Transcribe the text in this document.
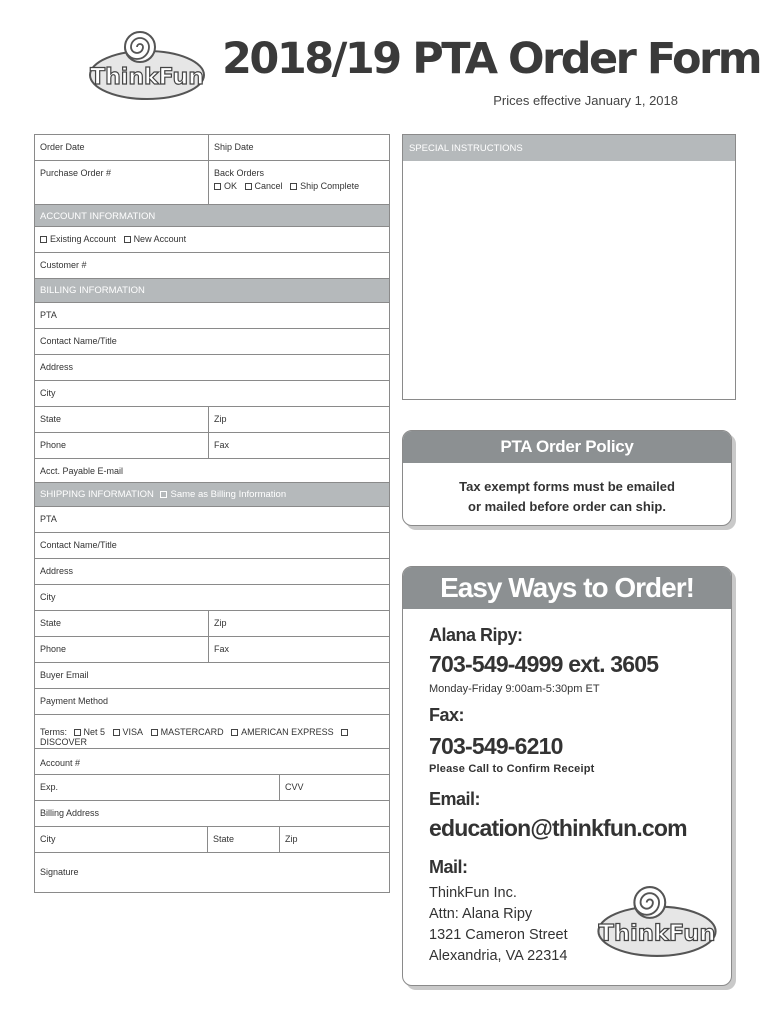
ThinkFun 2018/19 PTA Order Form
Prices effective January 1, 2018
Order Date	Ship Date
Purchase Order #	Back Orders
OK Cancel Ship Complete
ACCOUNT INFORMATION
Existing Account New Account
Customer #
BILLING INFORMATION
PTA
Contact Name/Title
Address
City
State	Zip
Phone	Fax
Acct. Payable E-mail
SHIPPING INFORMATION Same as Billing Information
PTA
Contact Name/Title
Address
City
State	Zip
Phone	Fax
Buyer Email
Payment Method
Terms: Net 5 VISA MASTERCARD AMERICAN EXPRESS DISCOVER
Account #
Exp.	CVV
Billing Address
City	State	Zip
Signature
SPECIAL INSTRUCTIONS
PTA Order Policy
Tax exempt forms must be emailed
or mailed before order can ship.
Easy Ways to Order!
Alana Ripy:
703-549-4999 ext. 3605
Monday-Friday 9:00am-5:30pm ET
Fax:
703-549-6210
Please Call to Confirm Receipt
Email:
education@thinkfun.com
Mail:
ThinkFun Inc.
Attn: Alana Ripy
1321 Cameron Street
Alexandria, VA 22314
ThinkFun
